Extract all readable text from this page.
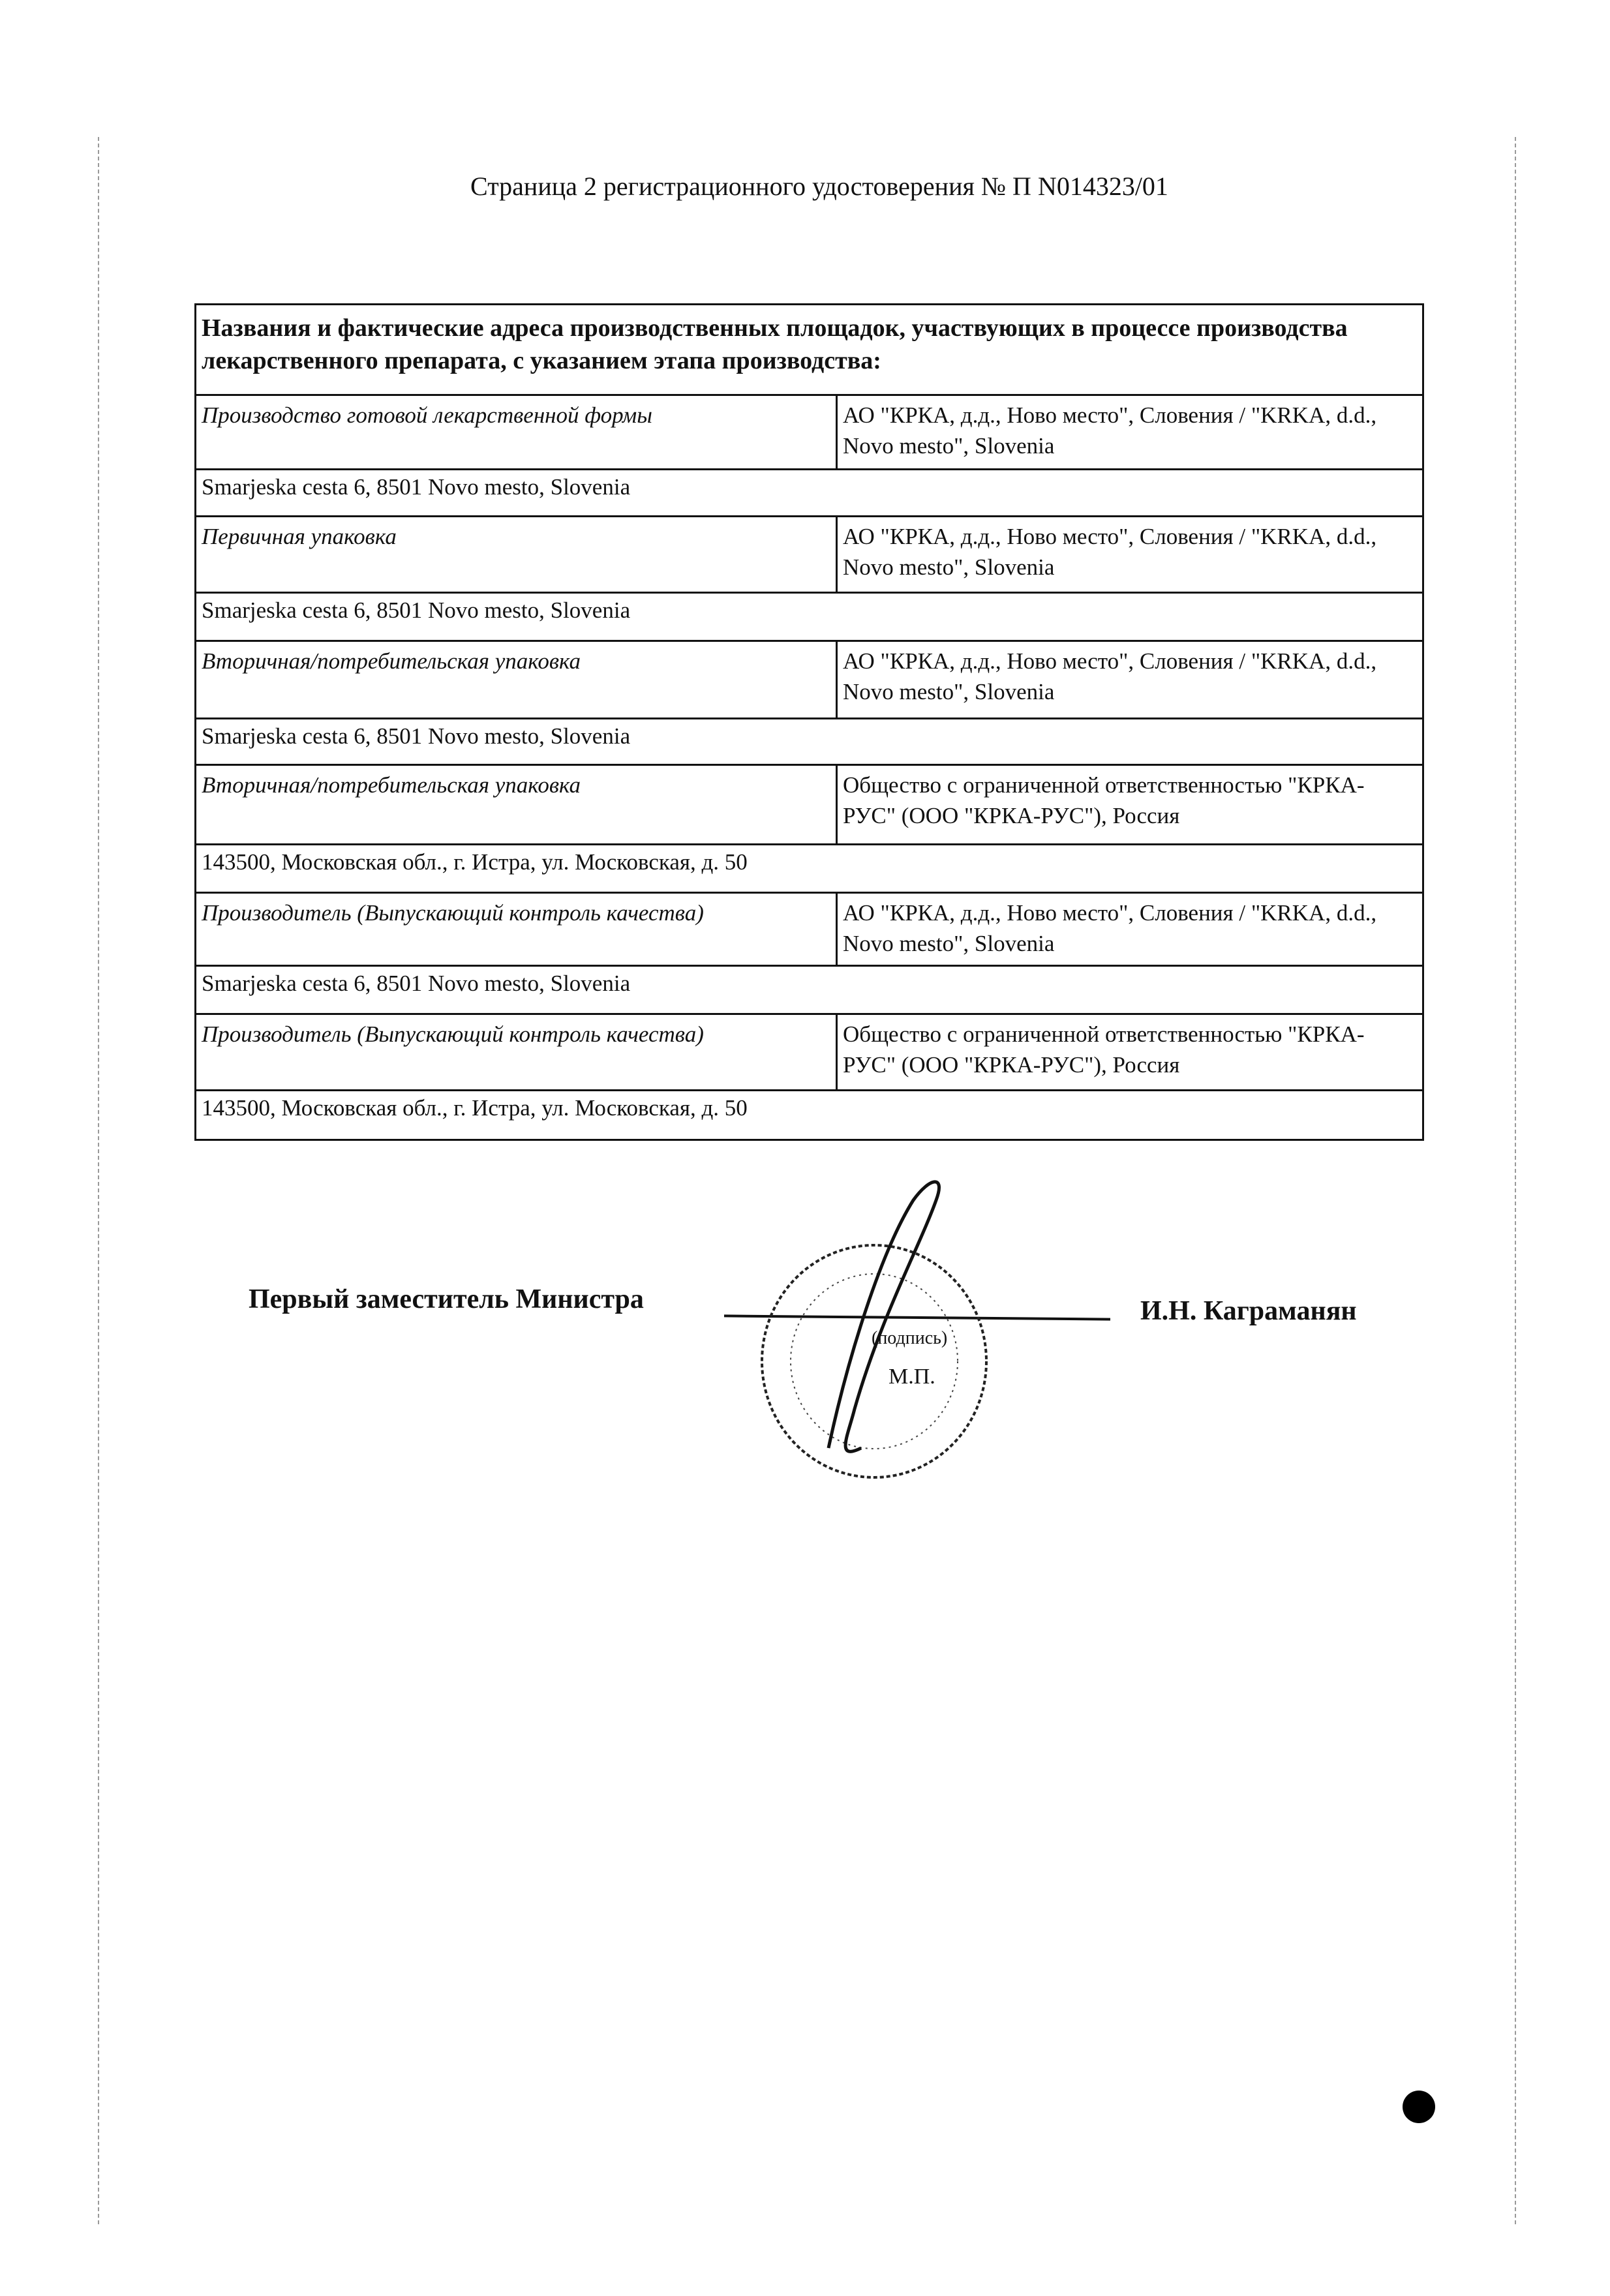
Страница 2 регистрационного удостоверения № П N014323/01
Названия и фактические адреса производственных площадок, участвующих в процессе производства лекарственного препарата, с указанием этапа производства:	
Производство готовой лекарственной формы	АО "КРКА, д.д., Ново место", Словения / "KRKA, d.d., Novo mesto", Slovenia
Smarjeska cesta 6, 8501 Novo mesto, Slovenia	
Первичная упаковка	АО "КРКА, д.д., Ново место", Словения / "KRKA, d.d., Novo mesto", Slovenia
Smarjeska cesta 6, 8501 Novo mesto, Slovenia	
Вторичная/потребительская упаковка	АО "КРКА, д.д., Ново место", Словения / "KRKA, d.d., Novo mesto", Slovenia
Smarjeska cesta 6, 8501 Novo mesto, Slovenia	
Вторичная/потребительская упаковка	Общество с ограниченной ответственностью "КРКА-РУС" (ООО "КРКА-РУС"), Россия
143500, Московская обл., г. Истра, ул. Московская, д. 50	
Производитель (Выпускающий контроль качества)	АО "КРКА, д.д., Ново место", Словения / "KRKA, d.d., Novo mesto", Slovenia
Smarjeska cesta 6, 8501 Novo mesto, Slovenia	
Производитель (Выпускающий контроль качества)	Общество с ограниченной ответственностью "КРКА-РУС" (ООО "КРКА-РУС"), Россия
143500, Московская обл., г. Истра, ул. Московская, д. 50	
Первый заместитель Министра
(подпись)
М.П.
И.Н. Каграманян
